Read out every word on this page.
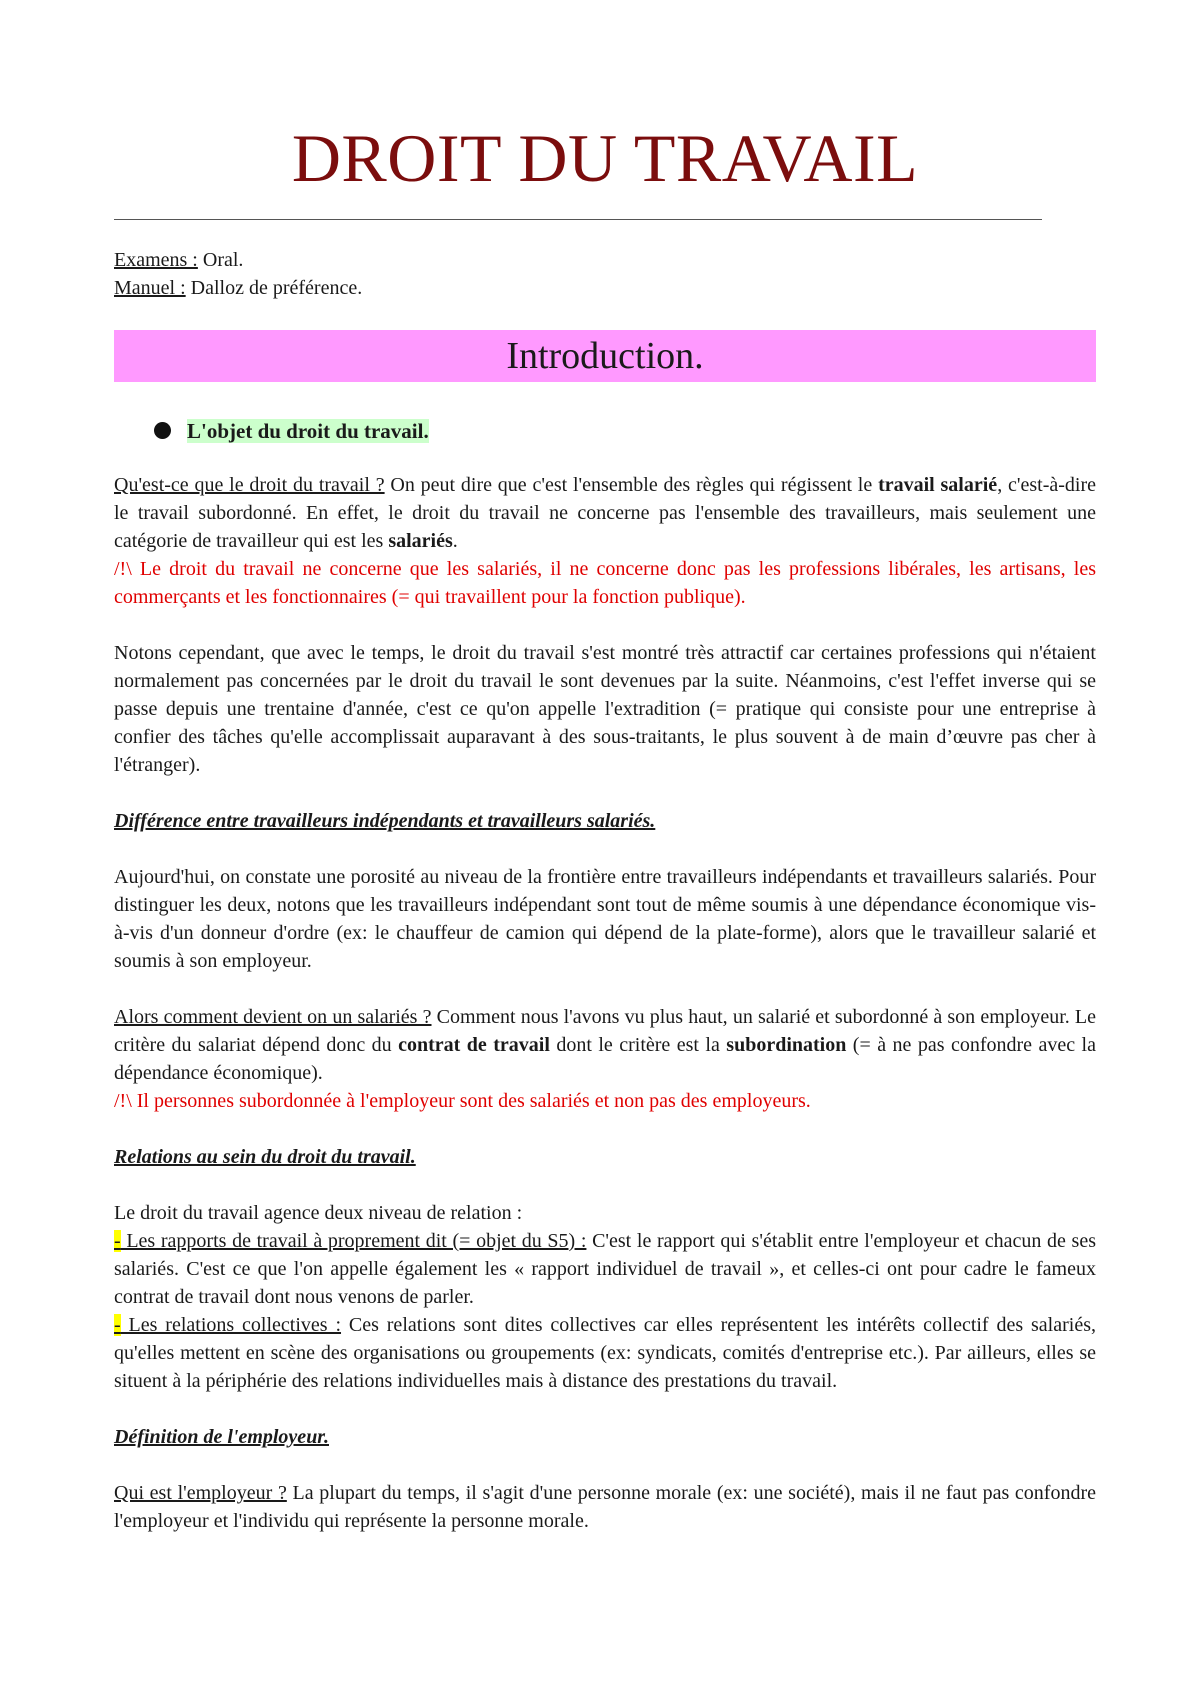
DROIT DU TRAVAIL
Examens : Oral.
Manuel : Dalloz de préférence.
Introduction.
L'objet du droit du travail.

Qu'est-ce que le droit du travail ? On peut dire que c'est l'ensemble des règles qui régissent le travail salarié, c'est-à-dire le travail subordonné. En effet, le droit du travail ne concerne pas l'ensemble des travailleurs, mais seulement une catégorie de travailleur qui est les salariés.

/!\ Le droit du travail ne concerne que les salariés, il ne concerne donc pas les professions libérales, les artisans, les commerçants et les fonctionnaires (= qui travaillent pour la fonction publique).

Notons cependant, que avec le temps, le droit du travail s'est montré très attractif car certaines professions qui n'étaient normalement pas concernées par le droit du travail le sont devenues par la suite. Néanmoins, c'est l'effet inverse qui se passe depuis une trentaine d'année, c'est ce qu'on appelle l'extradition (= pratique qui consiste pour une entreprise à confier des tâches qu'elle accomplissait auparavant à des sous-traitants, le plus souvent à de main d’œuvre pas cher à l'étranger).

Différence entre travailleurs indépendants et travailleurs salariés.

Aujourd'hui, on constate une porosité au niveau de la frontière entre travailleurs indépendants et travailleurs salariés. Pour distinguer les deux, notons que les travailleurs indépendant sont tout de même soumis à une dépendance économique vis-à-vis d'un donneur d'ordre (ex: le chauffeur de camion qui dépend de la plate-forme), alors que le travailleur salarié et soumis à son employeur.

Alors comment devient on un salariés ? Comment nous l'avons vu plus haut, un salarié et subordonné à son employeur. Le critère du salariat dépend donc du contrat de travail dont le critère est la subordination (= à ne pas confondre avec la dépendance économique).

/!\ Il personnes subordonnée à l'employeur sont des salariés et non pas des employeurs.

Relations au sein du droit du travail.

Le droit du travail agence deux niveau de relation :

- Les rapports de travail à proprement dit (= objet du S5) : C'est le rapport qui s'établit entre l'employeur et chacun de ses salariés. C'est ce que l'on appelle également les « rapport individuel de travail », et celles-ci ont pour cadre le fameux contrat de travail dont nous venons de parler.

- Les relations collectives : Ces relations sont dites collectives car elles représentent les intérêts collectif des salariés, qu'elles mettent en scène des organisations ou groupements (ex: syndicats, comités d'entreprise etc.). Par ailleurs, elles se situent à la périphérie des relations individuelles mais à distance des prestations du travail.

Définition de l'employeur.

Qui est l'employeur ? La plupart du temps, il s'agit d'une personne morale (ex: une société), mais il ne faut pas confondre l'employeur et l'individu qui représente la personne morale.
